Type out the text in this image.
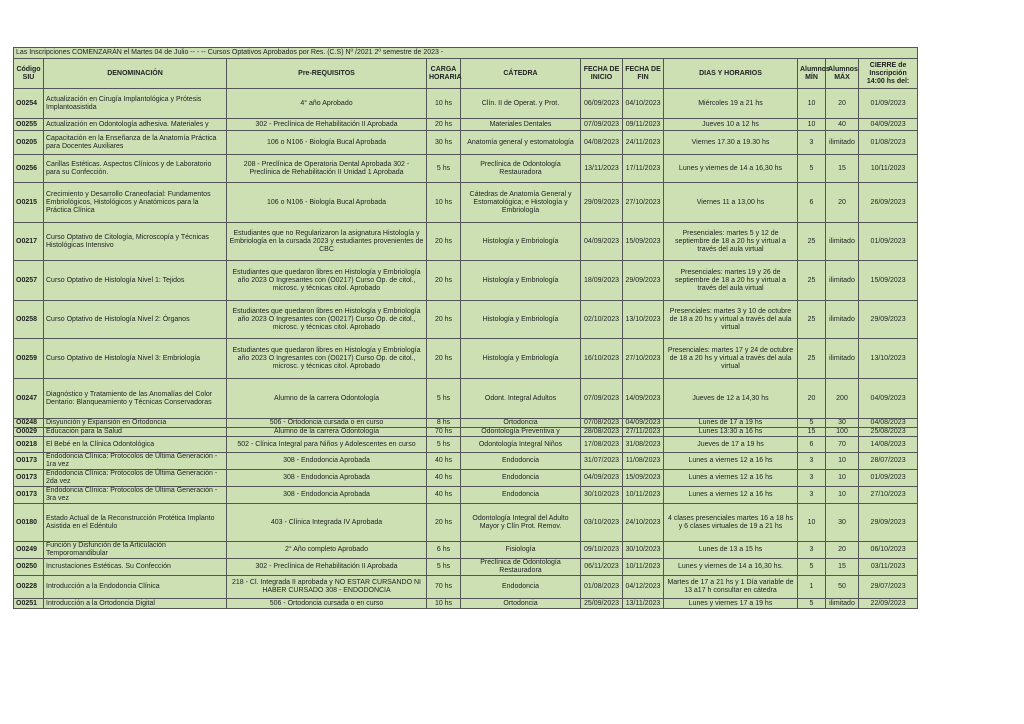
Las Inscripciones COMENZARÁN el Martes 04 de Julio -- - -- Cursos Optativos Aprobados por Res. (C.S) Nº /2021 2º semestre de 2023 -										
Código SIU	DENOMINACIÓN	Pre-REQUISITOS	CARGA HORARIA	CÁTEDRA	FECHA DE INICIO	FECHA DE FIN	DIAS Y HORARIOS	Alumnos MÍN	Alumnos MÁX	CIERRE de Inscripción 14:00 hs del:
O0254	Actualización en Cirugía Implantológica y Prótesis Implantoasistida	4° año Aprobado	10 hs	Clín. II de Operat. y Prot.	06/09/2023	04/10/2023	Miércoles 19 a 21 hs	10	20	01/09/2023
O0255	Actualización en Odontología adhesiva. Materiales y	302 - Preclínica de Rehabilitación II Aprobada	20 hs	Materiales Dentales	07/09/2023	09/11/2023	Jueves 10 a 12 hs	10	40	04/09/2023
O0205	Capacitación en la Enseñanza de la Anatomía Práctica para Docentes Auxiliares	106 o N106 - Biología Bucal Aprobada	30 hs	Anatomía general y estomatología	04/08/2023	24/11/2023	Viernes 17.30 a 19.30 hs	3	ilimitado	01/08/2023
O0256	Carillas Estéticas. Aspectos Clínicos y de Laboratorio para su Confección.	208 - Preclínica de Operatoria Dental Aprobada 302 - Preclínica de Rehabilitación II Unidad 1 Aprobada	5 hs	Preclínica de Odontología Restauradora	13/11/2023	17/11/2023	Lunes y viernes de 14 a 16,30 hs	5	15	10/11/2023
O0215	Crecimiento y Desarrollo Craneofacial: Fundamentos Embriológicos, Histológicos y Anatómicos para la Práctica Clínica	106 o N106 - Biología Bucal Aprobada	10 hs	Cátedras de Anatomía General y Estomatológica; e Histología y Embriología	29/09/2023	27/10/2023	Viernes 11 a 13,00 hs	6	20	26/09/2023
O0217	Curso Optativo de Citología, Microscopía y Técnicas Histológicas Intensivo	Estudiantes que no Regularizaron la asignatura Histología y Embriología en la cursada 2023 y estudiantes provenientes de CBC	20 hs	Histología y Embriología	04/09/2023	15/09/2023	Presenciales: martes 5 y 12 de septiembre de 18 a 20 hs y virtual a través del aula virtual	25	ilimitado	01/09/2023
O0257	Curso Optativo de Histología Nivel 1: Tejidos	Estudiantes que quedaron libres en Histología y Embriología año 2023 O Ingresantes con (O0217) Curso Op. de citol., microsc. y técnicas citol. Aprobado	20 hs	Histología y Embriología	18/09/2023	29/09/2023	Presenciales: martes 19 y 26 de septiembre de 18 a 20 hs y virtual a través del aula virtual	25	ilimitado	15/09/2023
O0258	Curso Optativo de Histología Nivel 2: Órganos	Estudiantes que quedaron libres en Histología y Embriología año 2023 O Ingresantes con (O0217) Curso Op. de citol., microsc. y técnicas citol. Aprobado	20 hs	Histología y Embriología	02/10/2023	13/10/2023	Presenciales: martes 3 y 10 de octubre de 18 a 20 hs y virtual a través del aula virtual	25	ilimitado	29/09/2023
O0259	Curso Optativo de Histología Nivel 3: Embriología	Estudiantes que quedaron libres en Histología y Embriología año 2023 O Ingresantes con (O0217) Curso Op. de citol., microsc. y técnicas citol. Aprobado	20 hs	Histología y Embriología	16/10/2023	27/10/2023	Presenciales: martes 17 y 24 de octubre de 18 a 20 hs y virtual a través del aula virtual	25	ilimitado	13/10/2023
O0247	Diagnóstico y Tratamiento de las Anomalías del Color Dentario: Blanqueamiento y Técnicas Conservadoras	Alumno de la carrera Odontología	5 hs	Odont. Integral Adultos	07/09/2023	14/09/2023	Jueves de 12 a 14,30 hs	20	200	04/09/2023
O0248	Disyunción y Expansión en Ortodoncia	506 - Ortodoncia cursada o en curso	8 hs	Ortodoncia	07/08/2023	04/09/2023	Lunes de 17 a 19 hs	5	30	04/08/2023
O0029	Educación para la Salud	Alumno de la carrera Odontología	70 hs	Odontología Preventiva y	28/08/2023	27/11/2023	Lunes 13:30 a 16 hs	15	100	25/08/2023
O0218	El Bebé en la Clínica Odontológica	502 - Clínica Integral para Niños y Adolescentes en curso	5 hs	Odontología Integral Niños	17/08/2023	31/08/2023	Jueves de 17 a 19 hs	6	70	14/08/2023
O0173	Endodoncia Clínica: Protocolos de Última Generación - 1ra vez	308 - Endodoncia Aprobada	40 hs	Endodoncia	31/07/2023	11/08/2023	Lunes a viernes 12 a 16 hs	3	10	28/07/2023
O0173	Endodoncia Clínica: Protocolos de Última Generación - 2da vez	308 - Endodoncia Aprobada	40 hs	Endodoncia	04/09/2023	15/09/2023	Lunes a viernes 12 a 16 hs	3	10	01/09/2023
O0173	Endodoncia Clínica: Protocolos de Última Generación - 3ra vez	308 - Endodoncia Aprobada	40 hs	Endodoncia	30/10/2023	10/11/2023	Lunes a viernes 12 a 16 hs	3	10	27/10/2023
O0180	Estado Actual de la Reconstrucción Protética Implanto Asistida en el Edéntulo	403 - Clínica Integrada IV Aprobada	20 hs	Odontología Integral del Adulto Mayor y Clín Prot. Remov.	03/10/2023	24/10/2023	4 clases presenciales martes 16 a 18 hs y 6 clases virtuales de 19 a 21 hs	10	30	29/09/2023
O0249	Función y Disfunción de la Articulación Temporomandibular	2° Año completo Aprobado	6 hs	Fisiología	09/10/2023	30/10/2023	Lunes de 13 a 15 hs	3	20	06/10/2023
O0250	Incrustaciones Estéticas. Su Confección	302 - Preclínica de Rehabilitación II Aprobada	5 hs	Preclínica de Odontología Restauradora	06/11/2023	10/11/2023	Lunes y viernes de 14 a 16,30 hs.	5	15	03/11/2023
O0228	Introducción a la Endodoncia Clínica	218 - Cl. Integrada II aprobada y NO ESTAR CURSANDO NI HABER CURSADO 308 - ENDODONCIA	70 hs	Endodoncia	01/08/2023	04/12/2023	Martes de 17 a 21 hs y 1 Día variable de 13 a17 h consultar en cátedra	1	50	29/07/2023
O0251	Introducción a la Ortodoncia Digital	506 - Ortodoncia cursada o en curso	10 hs	Ortodoncia	25/09/2023	13/11/2023	Lunes y viernes 17 a 19 hs	5	ilimitado	22/09/2023
